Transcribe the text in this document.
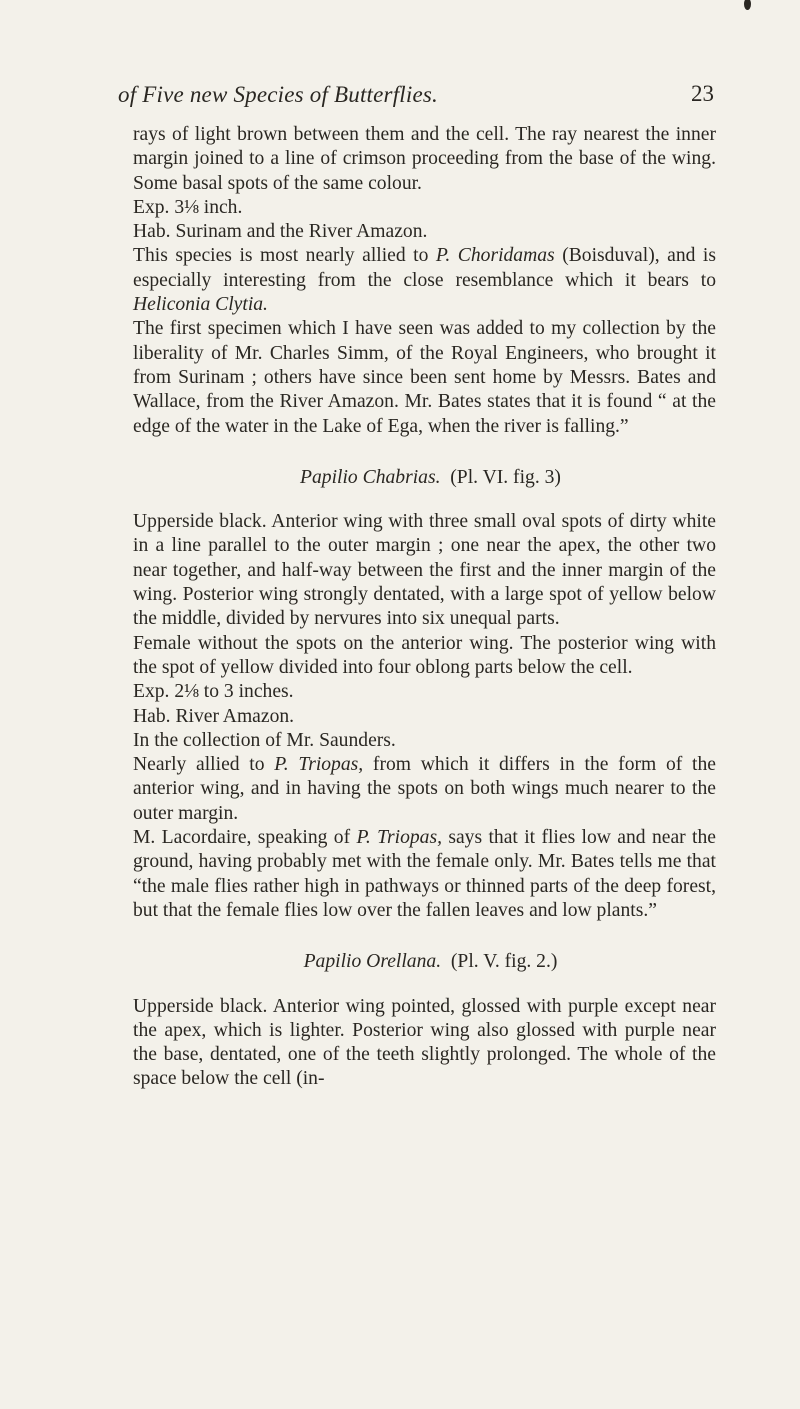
of Five new Species of Butterflies.	23

rays of light brown between them and the cell. The ray nearest the inner margin joined to a line of crimson proceeding from the base of the wing. Some basal spots of the same colour.

Exp. 3⅛ inch.

Hab. Surinam and the River Amazon.

This species is most nearly allied to P. Choridamas (Boisduval), and is especially interesting from the close resemblance which it bears to Heliconia Clytia.

The first specimen which I have seen was added to my collection by the liberality of Mr. Charles Simm, of the Royal Engineers, who brought it from Surinam ; others have since been sent home by Messrs. Bates and Wallace, from the River Amazon. Mr. Bates states that it is found “ at the edge of the water in the Lake of Ega, when the river is falling.”

Papilio Chabrias.  (Pl. VI. fig. 3)

Upperside black. Anterior wing with three small oval spots of dirty white in a line parallel to the outer margin ; one near the apex, the other two near together, and half-way between the first and the inner margin of the wing. Posterior wing strongly dentated, with a large spot of yellow below the middle, divided by nervures into six unequal parts.

Female without the spots on the anterior wing. The posterior wing with the spot of yellow divided into four oblong parts below the cell.

Exp. 2⅛ to 3 inches.

Hab. River Amazon.

In the collection of Mr. Saunders.

Nearly allied to P. Triopas, from which it differs in the form of the anterior wing, and in having the spots on both wings much nearer to the outer margin.

M. Lacordaire, speaking of P. Triopas, says that it flies low and near the ground, having probably met with the female only. Mr. Bates tells me that “the male flies rather high in pathways or thinned parts of the deep forest, but that the female flies low over the fallen leaves and low plants.”

Papilio Orellana.  (Pl. V. fig. 2.)

Upperside black. Anterior wing pointed, glossed with purple except near the apex, which is lighter. Posterior wing also glossed with purple near the base, dentated, one of the teeth slightly prolonged. The whole of the space below the cell (in-
